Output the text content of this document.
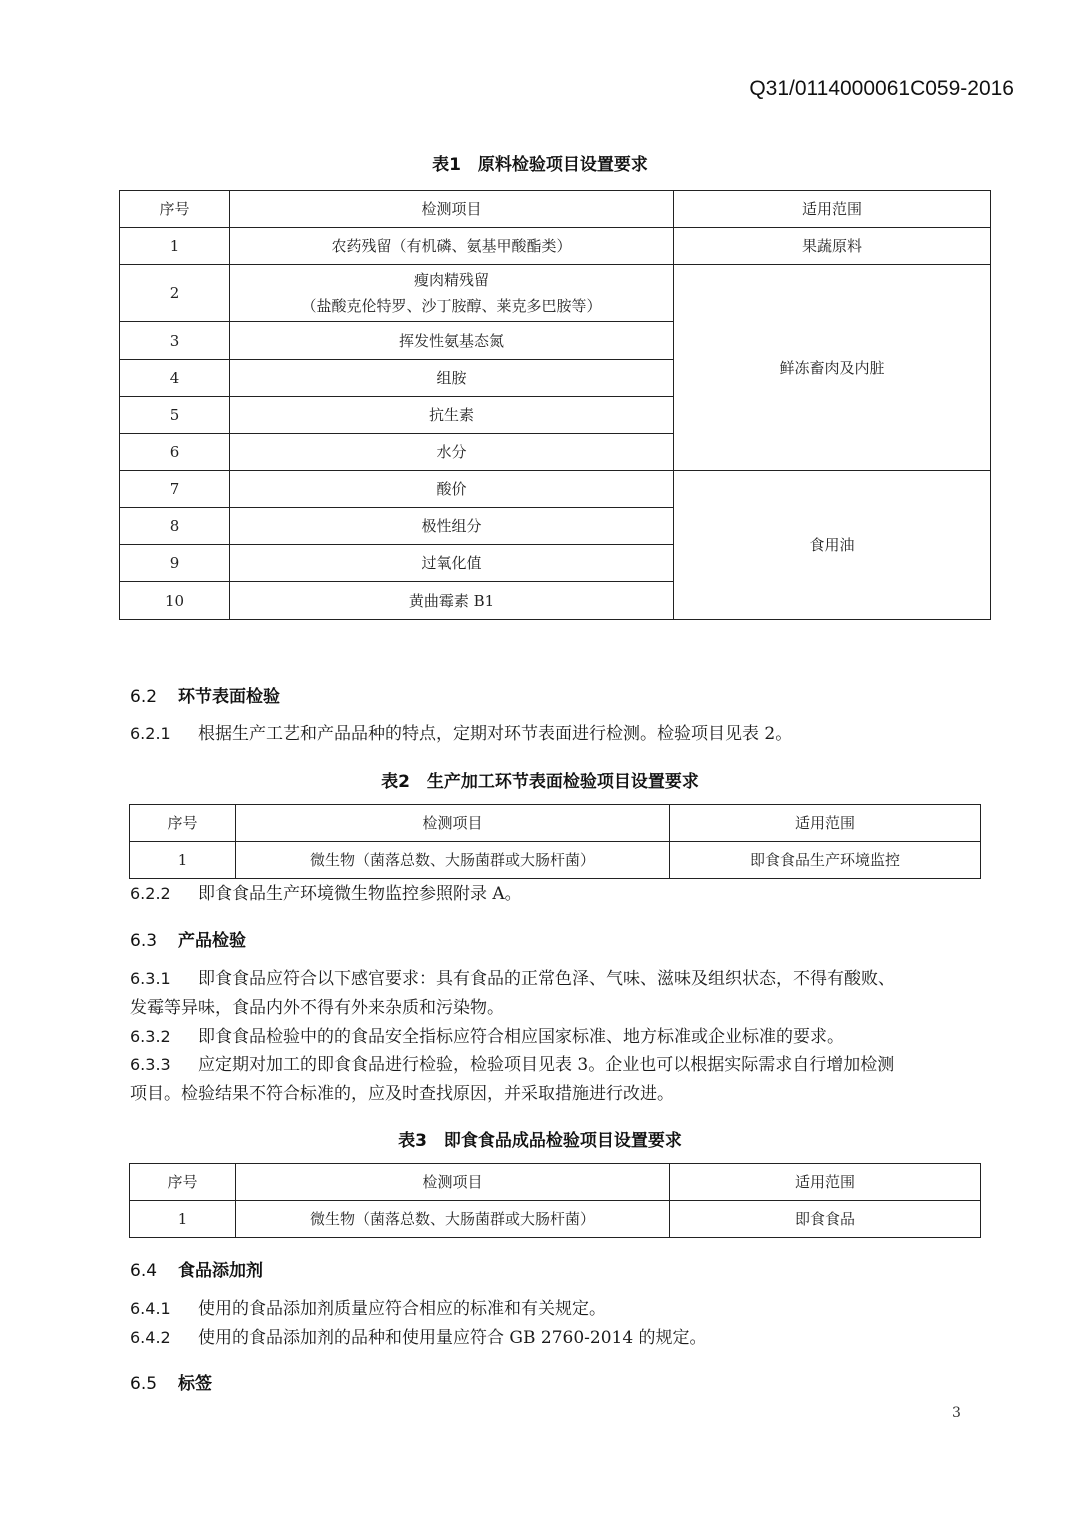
Q31/0114000061C059-2016
表1　原料检验项目设置要求
序号	检测项目	适用范围
1	农药残留（有机磷、氨基甲酸酯类）	果蔬原料
2	瘦肉精残留
（盐酸克伦特罗、沙丁胺醇、莱克多巴胺等）	鲜冻畜肉及内脏
3	挥发性氨基态氮	
4	组胺	
5	抗生素	
6	水分	
7	酸价	食用油
8	极性组分	
9	过氧化值	
10	黄曲霉素 B1	
6.2 环节表面检验
6.2.1 根据生产工艺和产品品种的特点，定期对环节表面进行检测。检验项目见表 2。
表2　生产加工环节表面检验项目设置要求
序号	检测项目	适用范围
1	微生物（菌落总数、大肠菌群或大肠杆菌）	即食食品生产环境监控
6.2.2 即食食品生产环境微生物监控参照附录 A。
6.3 产品检验
6.3.1 即食食品应符合以下感官要求：具有食品的正常色泽、气味、滋味及组织状态，不得有酸败、
发霉等异味，食品内外不得有外来杂质和污染物。
6.3.2 即食食品检验中的的食品安全指标应符合相应国家标准、地方标准或企业标准的要求。
6.3.3 应定期对加工的即食食品进行检验，检验项目见表 3。企业也可以根据实际需求自行增加检测
项目。检验结果不符合标准的，应及时查找原因，并采取措施进行改进。
表3　即食食品成品检验项目设置要求
序号	检测项目	适用范围
1	微生物（菌落总数、大肠菌群或大肠杆菌）	即食食品
6.4 食品添加剂
6.4.1 使用的食品添加剂质量应符合相应的标准和有关规定。
6.4.2 使用的食品添加剂的品种和使用量应符合 GB 2760-2014 的规定。
6.5 标签
3
